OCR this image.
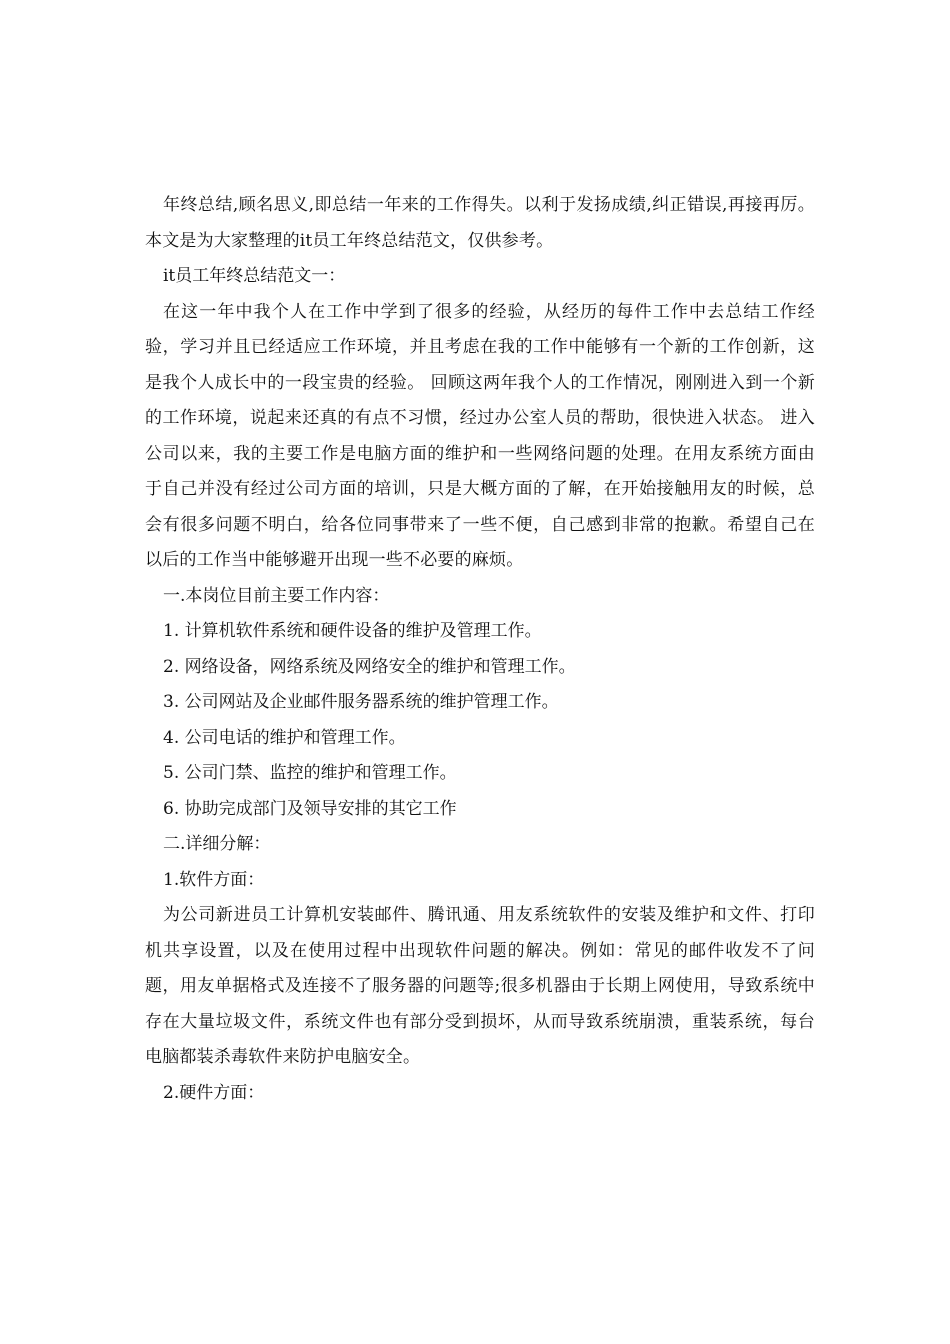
年终总结,顾名思义,即总结一年来的工作得失。以利于发扬成绩,纠正错误,再接再厉。本文是为大家整理的it员工年终总结范文，仅供参考。

it员工年终总结范文一：

在这一年中我个人在工作中学到了很多的经验，从经历的每件工作中去总结工作经验，学习并且已经适应工作环境，并且考虑在我的工作中能够有一个新的工作创新，这是我个人成长中的一段宝贵的经验。 回顾这两年我个人的工作情况，刚刚进入到一个新的工作环境，说起来还真的有点不习惯，经过办公室人员的帮助，很快进入状态。 进入公司以来，我的主要工作是电脑方面的维护和一些网络问题的处理。在用友系统方面由于自己并没有经过公司方面的培训，只是大概方面的了解，在开始接触用友的时候，总会有很多问题不明白，给各位同事带来了一些不便，自己感到非常的抱歉。希望自己在以后的工作当中能够避开出现一些不必要的麻烦。

一.本岗位目前主要工作内容：

1. 计算机软件系统和硬件设备的维护及管理工作。

2. 网络设备，网络系统及网络安全的维护和管理工作。

3. 公司网站及企业邮件服务器系统的维护管理工作。

4. 公司电话的维护和管理工作。

5. 公司门禁、监控的维护和管理工作。

6. 协助完成部门及领导安排的其它工作

二.详细分解：

1.软件方面：

为公司新进员工计算机安装邮件、腾讯通、用友系统软件的安装及维护和文件、打印机共享设置，以及在使用过程中出现软件问题的解决。例如：常见的邮件收发不了问题，用友单据格式及连接不了服务器的问题等;很多机器由于长期上网使用，导致系统中存在大量垃圾文件，系统文件也有部分受到损坏，从而导致系统崩溃，重装系统，每台电脑都装杀毒软件来防护电脑安全。

2.硬件方面：
